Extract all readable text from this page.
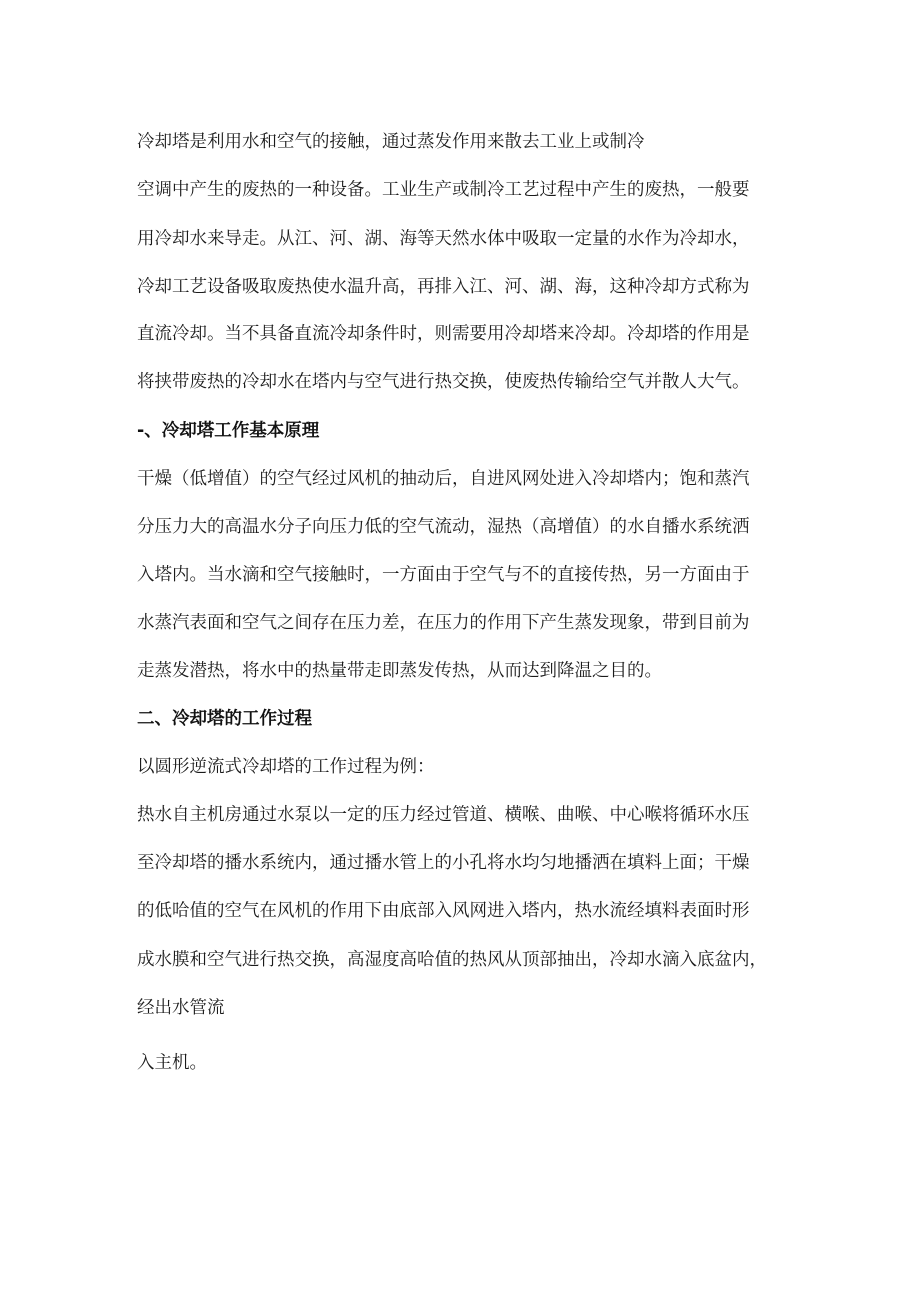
冷却塔是利用水和空气的接触，通过蒸发作用来散去工业上或制冷
空调中产生的废热的一种设备。工业生产或制冷工艺过程中产生的废热，一般要
用冷却水来导走。从江、河、湖、海等天然水体中吸取一定量的水作为冷却水，
冷却工艺设备吸取废热使水温升高，再排入江、河、湖、海，这种冷却方式称为
直流冷却。当不具备直流冷却条件时，则需要用冷却塔来冷却。冷却塔的作用是
将挟带废热的冷却水在塔内与空气进行热交换，使废热传输给空气并散人大气。
-、冷却塔工作基本原理
干燥（低增值）的空气经过风机的抽动后，自进风网处进入冷却塔内；饱和蒸汽
分压力大的高温水分子向压力低的空气流动，湿热（高增值）的水自播水系统洒
入塔内。当水滴和空气接触时，一方面由于空气与不的直接传热，另一方面由于
水蒸汽表面和空气之间存在压力差，在压力的作用下产生蒸发现象，带到目前为
走蒸发潜热，将水中的热量带走即蒸发传热，从而达到降温之目的。
二、冷却塔的工作过程
以圆形逆流式冷却塔的工作过程为例：
热水自主机房通过水泵以一定的压力经过管道、横喉、曲喉、中心喉将循环水压
至冷却塔的播水系统内，通过播水管上的小孔将水均匀地播洒在填料上面；干燥
的低哈值的空气在风机的作用下由底部入风网进入塔内，热水流经填料表面时形
成水膜和空气进行热交换，高湿度高哈值的热风从顶部抽出，冷却水滴入底盆内，
经出水管流
入主机。
